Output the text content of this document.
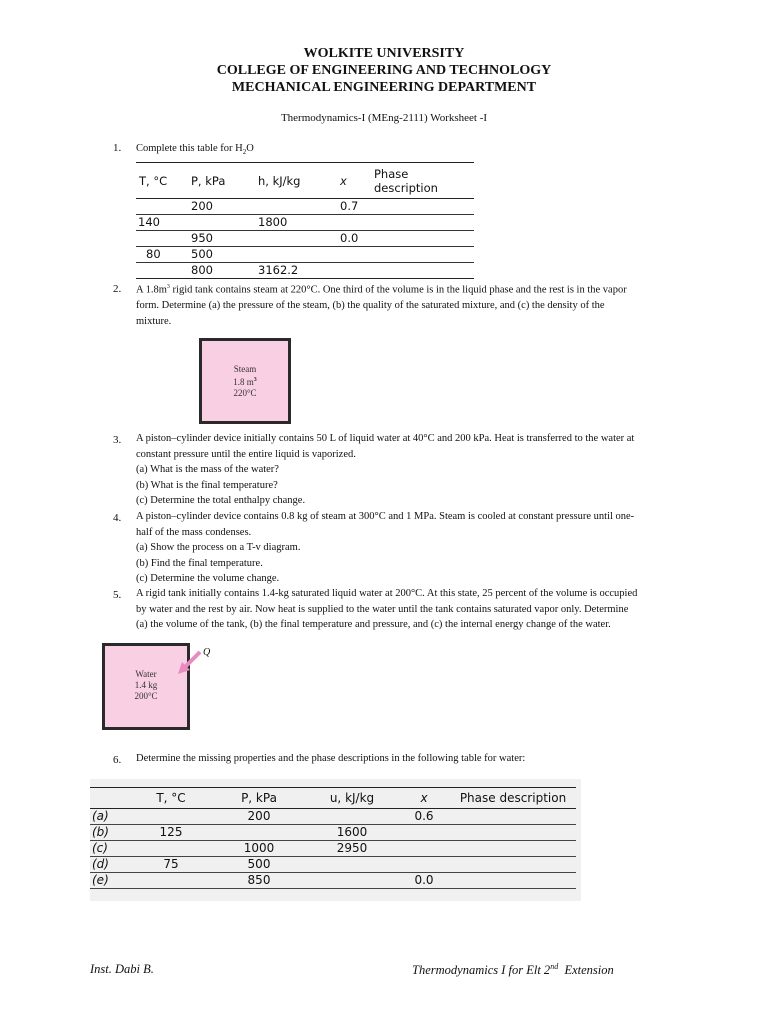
WOLKITE UNIVERSITY
COLLEGE OF ENGINEERING AND TECHNOLOGY
MECHANICAL ENGINEERING DEPARTMENT
Thermodynamics-I (MEng-2111) Worksheet -I
1. Complete this table for $H_2O$
T, °C	P, kPa	h, kJ/kg	x	Phase description
	200		0.7	
140		1800		
	950		0.0	
80	500			
	800	3162.2		
2. A $1.8m^3$ rigid tank contains steam at 220°C. One third of the volume is in the liquid phase and the rest is in the vapor
form. Determine (a) the pressure of the steam, (b) the quality of the saturated mixture, and (c) the density of the
mixture.
Steam
1.8 $m^3$
220°C
3. A piston–cylinder device initially contains 50 L of liquid water at 40°C and 200 kPa. Heat is transferred to the water at
constant pressure until the entire liquid is vaporized.
(a) What is the mass of the water?
(b) What is the final temperature?
(c) Determine the total enthalpy change.
4. A piston–cylinder device contains 0.8 kg of steam at 300°C and 1 MPa. Steam is cooled at constant pressure until one-
half of the mass condenses.
(a) Show the process on a T-v diagram.
(b) Find the final temperature.
(c) Determine the volume change.
5. A rigid tank initially contains 1.4-kg saturated liquid water at 200°C. At this state, 25 percent of the volume is occupied
by water and the rest by air. Now heat is supplied to the water until the tank contains saturated vapor only. Determine
(a) the volume of the tank, (b) the final temperature and pressure, and (c) the internal energy change of the water.
Water
1.4 kg
200°C
Q
6. Determine the missing properties and the phase descriptions in the following table for water:
	T, °C	P, kPa	u, kJ/kg	x	Phase description
(a)		200		0.6	
(b)	125		1600		
(c)		1000	2950		
(d)	75	500			
(e)		850		0.0	
Inst. Dabi B.	Thermodynamics I for Elt 2nd  Extension
